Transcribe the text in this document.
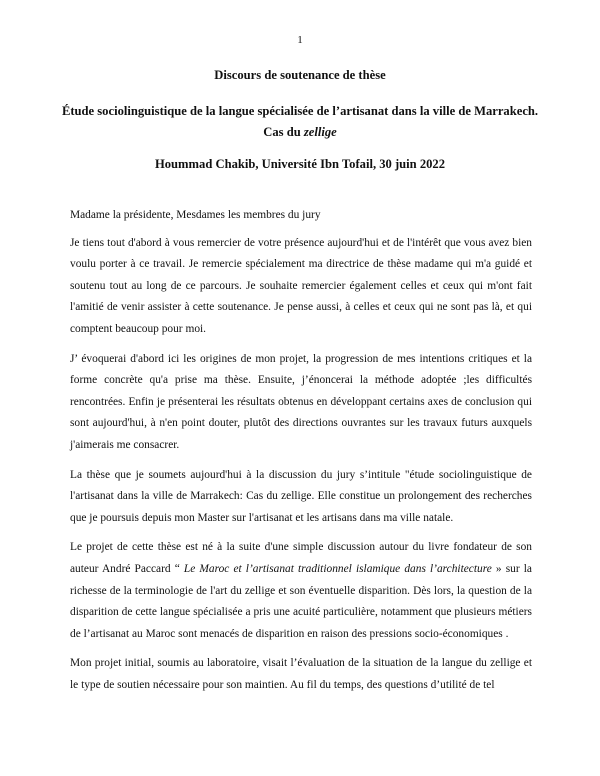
1

Discours de soutenance de thèse

Étude sociolinguistique de la langue spécialisée de l’artisanat dans la ville de Marrakech. Cas du zellige

Hoummad Chakib, Université Ibn Tofail, 30 juin 2022

Madame la présidente, Mesdames les membres du jury

Je tiens tout d'abord à vous remercier de votre présence aujourd'hui et de l'intérêt que vous avez bien voulu porter à ce travail. Je remercie spécialement ma directrice de thèse madame qui m'a guidé et soutenu tout au long de ce parcours. Je souhaite remercier également celles et ceux qui m'ont fait l'amitié de venir assister à cette soutenance. Je pense aussi, à celles et ceux qui ne sont pas là, et qui comptent beaucoup pour moi.

J’ évoquerai d'abord ici les origines de mon projet, la progression de mes intentions critiques et la forme concrète qu'a prise ma thèse. Ensuite, j’énoncerai la méthode adoptée ;les difficultés rencontrées. Enfin je présenterai les résultats obtenus en développant certains axes de conclusion qui sont aujourd'hui, à n'en point douter, plutôt des directions ouvrantes sur les travaux futurs auxquels j'aimerais me consacrer.

La thèse que je soumets aujourd'hui à la discussion du jury s’intitule "étude sociolinguistique de l'artisanat dans la ville de Marrakech: Cas du zellige. Elle constitue un prolongement des recherches que je poursuis depuis mon Master sur l'artisanat et les artisans dans ma ville natale.

Le projet de cette thèse est né à la suite d'une simple discussion autour du livre fondateur de son auteur André Paccard “ Le Maroc et l’artisanat traditionnel islamique dans l’architecture » sur la richesse de la terminologie de l'art du zellige et son éventuelle disparition. Dès lors, la question de la disparition de cette langue spécialisée a pris une acuité particulière, notamment que plusieurs métiers de l’artisanat au Maroc sont menacés de disparition en raison des pressions socio-économiques .

Mon projet initial, soumis au laboratoire, visait l’évaluation de la situation de la langue du zellige et le type de soutien nécessaire pour son maintien. Au fil du temps, des questions d’utilité de tel
